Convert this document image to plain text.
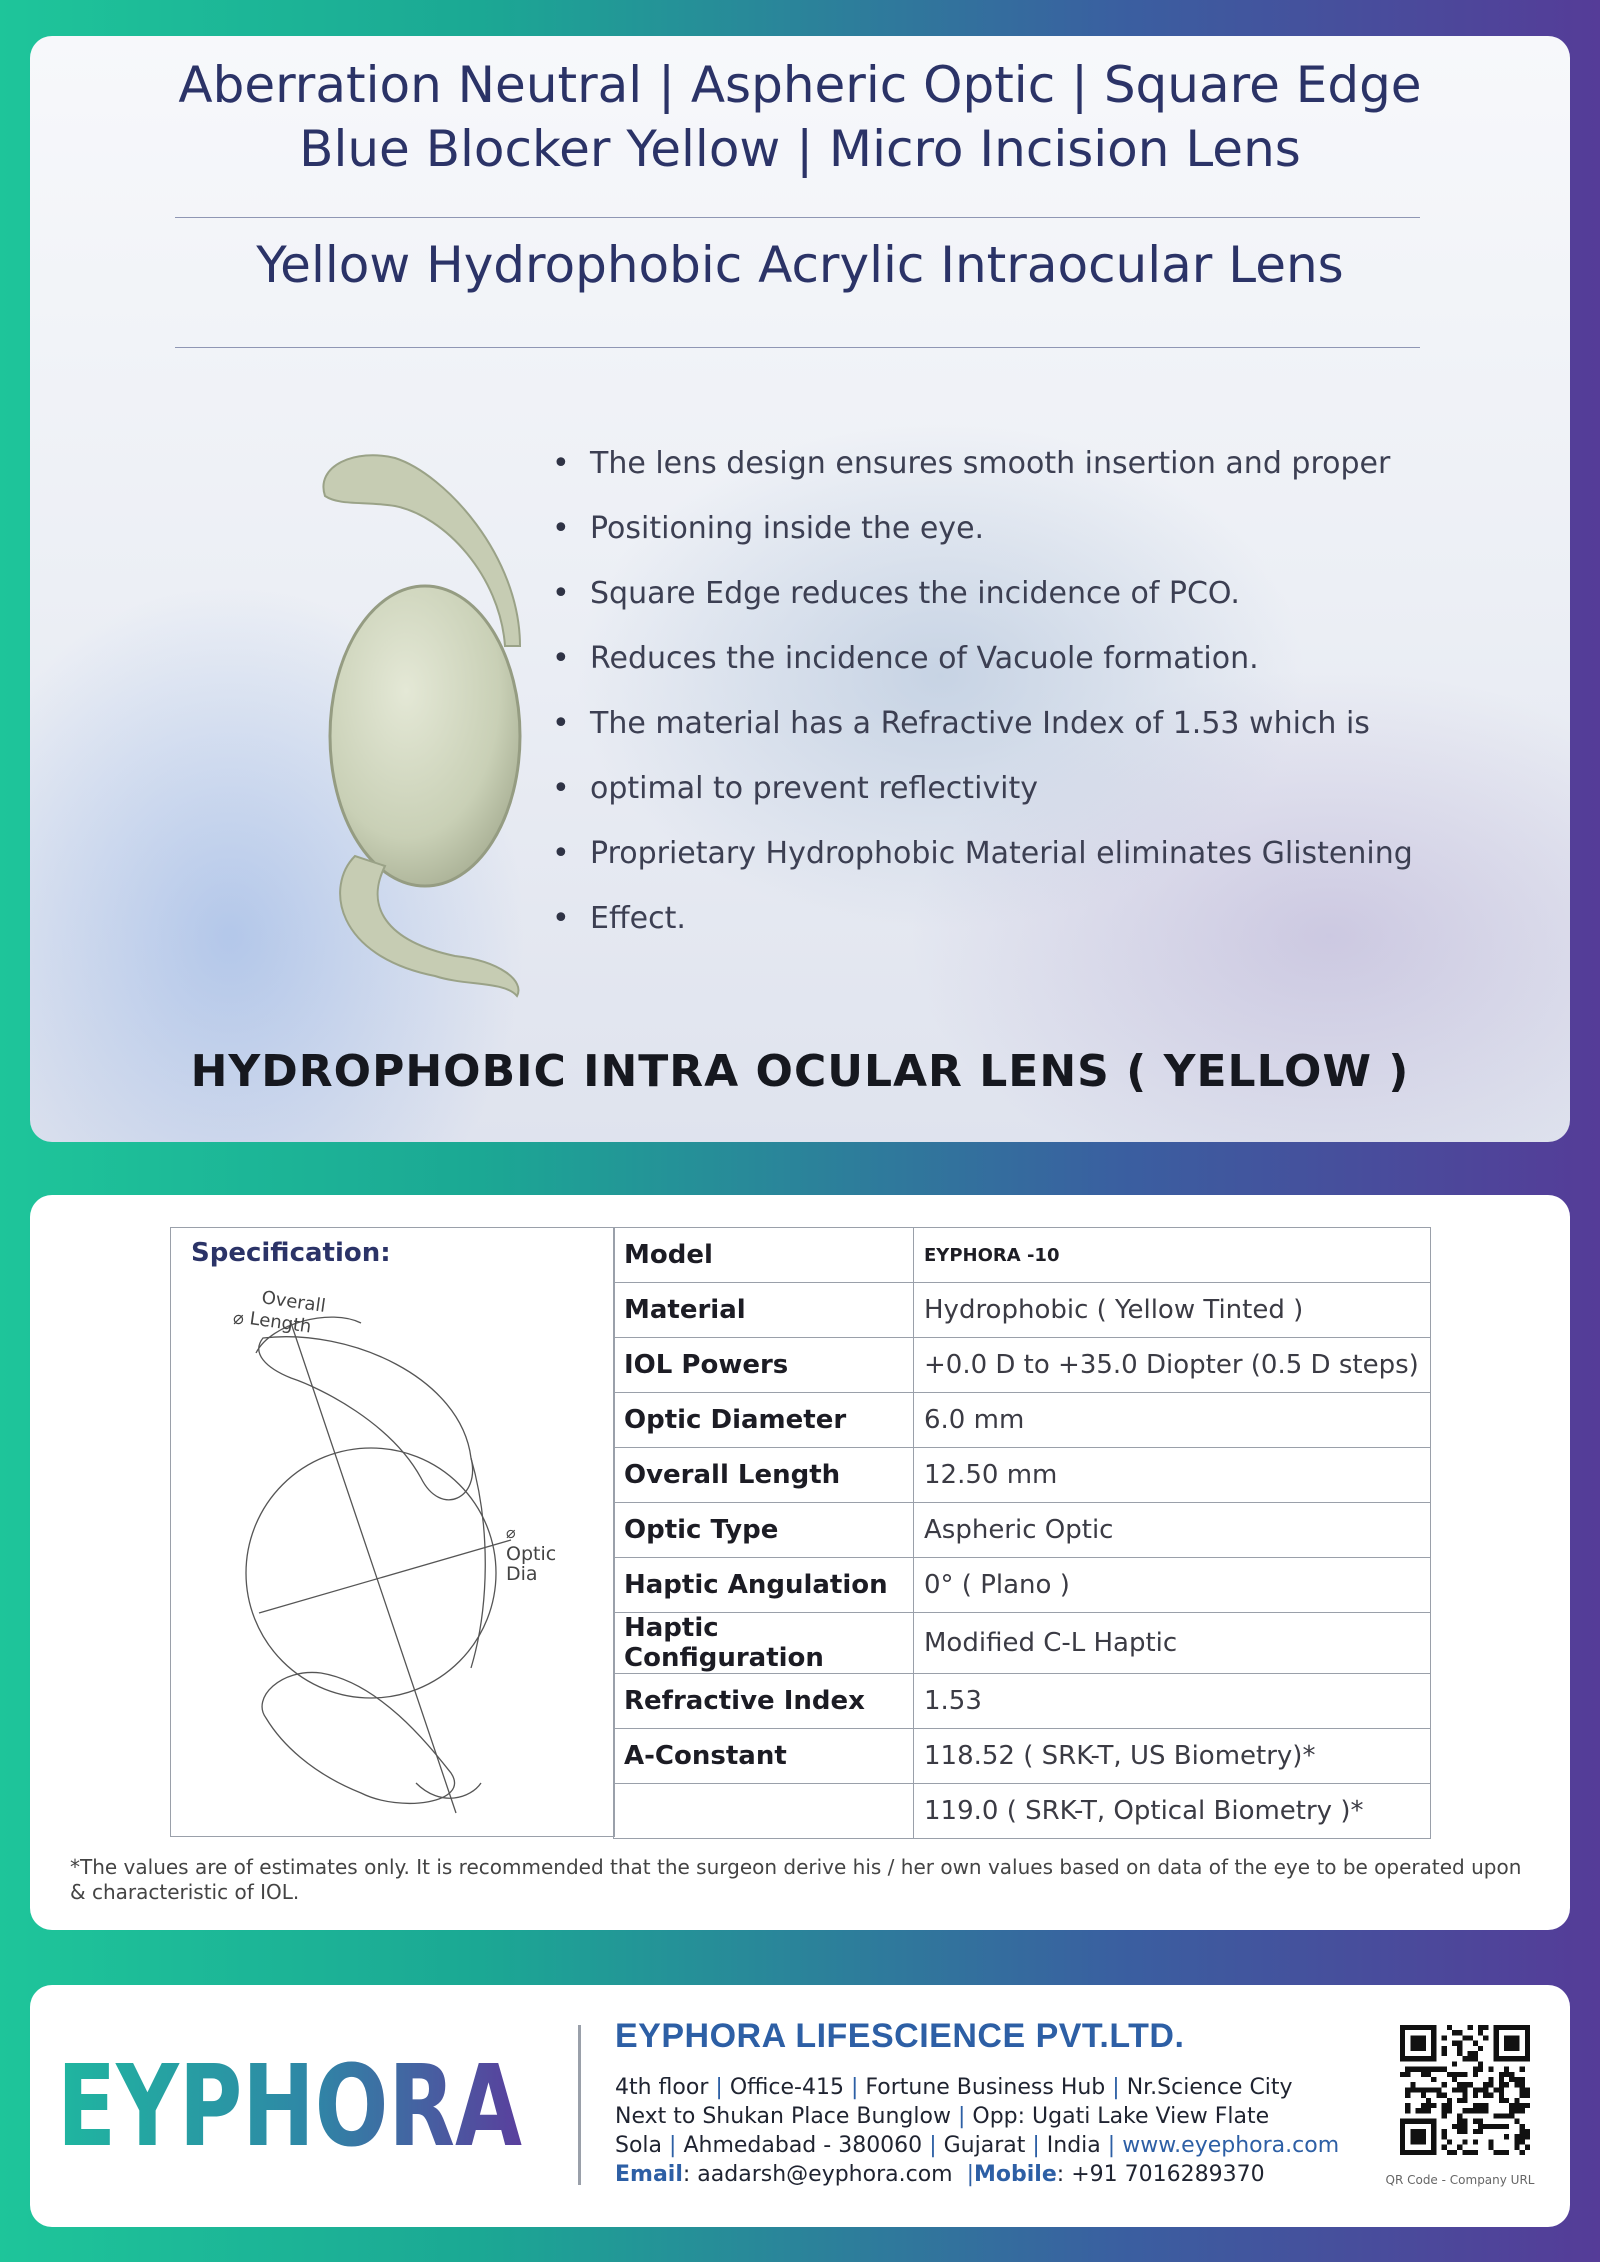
Aberration Neutral | Aspheric Optic | Square Edge
Blue Blocker Yellow | Micro Incision Lens
Yellow Hydrophobic Acrylic Intraocular Lens
• The lens design ensures smooth insertion and proper
• Positioning inside the eye.
• Square Edge reduces the incidence of PCO.
• Reduces the incidence of Vacuole formation.
• The material has a Refractive Index of 1.53 which is
• optimal to prevent reflectivity
• Proprietary Hydrophobic Material eliminates Glistening
• Effect.
HYDROPHOBIC INTRA OCULAR LENS ( YELLOW )
Specification:
Overall
⌀ Length
⌀
Optic
Dia
Model	EYPHORA -10
Material	Hydrophobic ( Yellow Tinted )
IOL Powers	+0.0 D to +35.0 Diopter (0.5 D steps)
Optic Diameter	6.0 mm
Overall Length	12.50 mm
Optic Type	Aspheric Optic
Haptic Angulation	0° ( Plano )
Haptic Configuration	Modified C-L Haptic
Refractive Index	1.53
A-Constant	118.52 ( SRK-T, US Biometry)*
	119.0 ( SRK-T, Optical Biometry )*
*The values are of estimates only. It is recommended that the surgeon derive his / her own values based on data of the eye to be operated upon & characteristic of IOL.
EYPHORA
EYPHORA LIFESCIENCE PVT.LTD.
4th floor | Office-415 | Fortune Business Hub | Nr.Science City
Next to Shukan Place Bunglow | Opp: Ugati Lake View Flate
Sola | Ahmedabad - 380060 | Gujarat | India | www.eyephora.com
Email: aadarsh@eyphora.com |Mobile: +91 7016289370	QR Code - Company URL
